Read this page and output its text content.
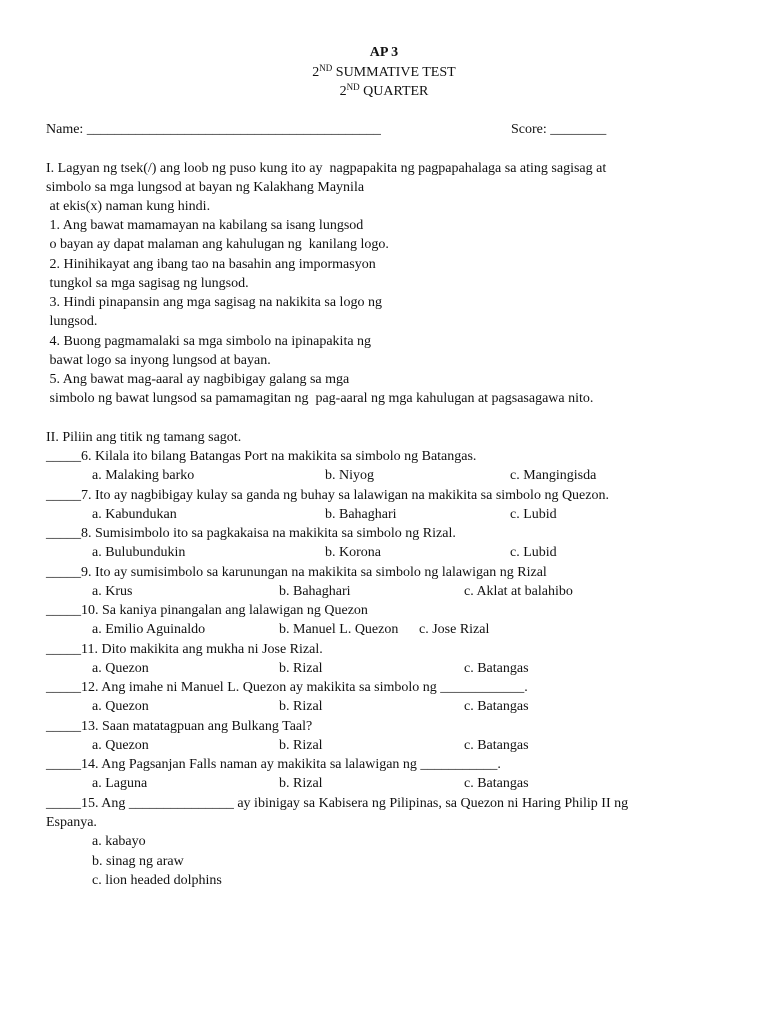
AP 3
2ND SUMMATIVE TEST
2ND QUARTER
Name: __________________________________________	Score: ________
I. Lagyan ng tsek(/) ang loob ng puso kung ito ay  nagpapakita ng pagpapahalaga sa ating sagisag at
simbolo sa mga lungsod at bayan ng Kalakhang Maynila
at ekis(x) naman kung hindi.
1. Ang bawat mamamayan na kabilang sa isang lungsod
o bayan ay dapat malaman ang kahulugan ng  kanilang logo.
2. Hinihikayat ang ibang tao na basahin ang impormasyon
tungkol sa mga sagisag ng lungsod.
3. Hindi pinapansin ang mga sagisag na nakikita sa logo ng
lungsod.
4. Buong pagmamalaki sa mga simbolo na ipinapakita ng
bawat logo sa inyong lungsod at bayan.
5. Ang bawat mag-aaral ay nagbibigay galang sa mga
simbolo ng bawat lungsod sa pamamagitan ng  pag-aaral ng mga kahulugan at pagsasagawa nito.
II. Piliin ang titik ng tamang sagot.
_____6. Kilala ito bilang Batangas Port na makikita sa simbolo ng Batangas.
a. Malaking barko	b. Niyog	c. Mangingisda
_____7. Ito ay nagbibigay kulay sa ganda ng buhay sa lalawigan na makikita sa simbolo ng Quezon.
a. Kabundukan	b. Bahaghari	c. Lubid
_____8. Sumisimbolo ito sa pagkakaisa na makikita sa simbolo ng Rizal.
a. Bulubundukin	b. Korona	c. Lubid
_____9. Ito ay sumisimbolo sa karunungan na makikita sa simbolo ng lalawigan ng Rizal
a. Krus	b. Bahaghari	c. Aklat at balahibo
_____10. Sa kaniya pinangalan ang lalawigan ng Quezon
a. Emilio Aguinaldo	b. Manuel L. Quezon c. Jose Rizal
_____11. Dito makikita ang mukha ni Jose Rizal.
a. Quezon	b. Rizal	c. Batangas
_____12. Ang imahe ni Manuel L. Quezon ay makikita sa simbolo ng ____________.
a. Quezon	b. Rizal	c. Batangas
_____13. Saan matatagpuan ang Bulkang Taal?
a. Quezon	b. Rizal	c. Batangas
_____14. Ang Pagsanjan Falls naman ay makikita sa lalawigan ng ___________.
a. Laguna	b. Rizal	c. Batangas
_____15. Ang _______________ ay ibinigay sa Kabisera ng Pilipinas, sa Quezon ni Haring Philip II ng
Espanya.
a. kabayo
b. sinag ng araw
c. lion headed dolphins
